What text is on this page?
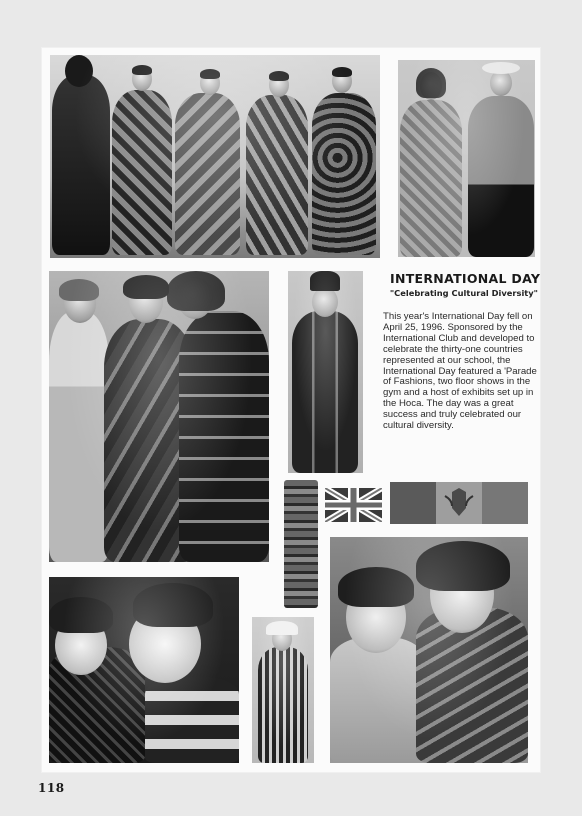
INTERNATIONAL DAY
"Celebrating Cultural Diversity"

This year's International Day fell on April 25, 1996. Sponsored by the International Club and developed to celebrate the thirty-one countries represented at our school, the International Day featured a 'Parade of Fashions, two floor shows in the gym and a host of exhibits set up in the Hoca. The day was a great success and truly celebrated our cultural diversity.

118
